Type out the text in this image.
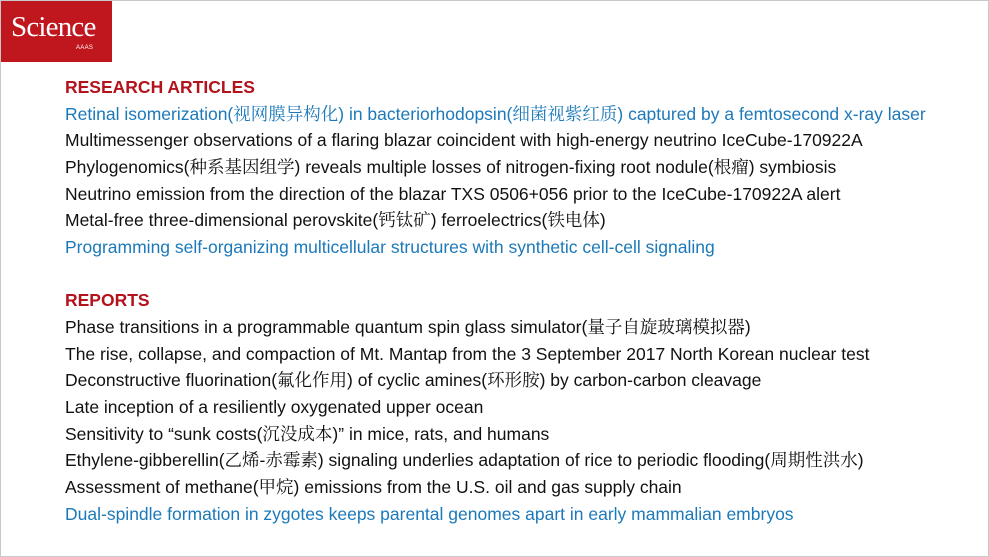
Science
AAAS
RESEARCH ARTICLES
Retinal isomerization(视网膜异构化) in bacteriorhodopsin(细菌视紫红质) captured by a femtosecond x-ray laser
Multimessenger observations of a flaring blazar coincident with high-energy neutrino IceCube-170922A
Phylogenomics(种系基因组学) reveals multiple losses of nitrogen-fixing root nodule(根瘤) symbiosis
Neutrino emission from the direction of the blazar TXS 0506+056 prior to the IceCube-170922A alert
Metal-free three-dimensional perovskite(钙钛矿) ferroelectrics(铁电体)
Programming self-organizing multicellular structures with synthetic cell-cell signaling
REPORTS
Phase transitions in a programmable quantum spin glass simulator(量子自旋玻璃模拟器)
The rise, collapse, and compaction of Mt. Mantap from the 3 September 2017 North Korean nuclear test
Deconstructive fluorination(氟化作用) of cyclic amines(环形胺) by carbon-carbon cleavage
Late inception of a resiliently oxygenated upper ocean
Sensitivity to “sunk costs(沉没成本)” in mice, rats, and humans
Ethylene-gibberellin(乙烯-赤霉素) signaling underlies adaptation of rice to periodic flooding(周期性洪水)
Assessment of methane(甲烷) emissions from the U.S. oil and gas supply chain
Dual-spindle formation in zygotes keeps parental genomes apart in early mammalian embryos
